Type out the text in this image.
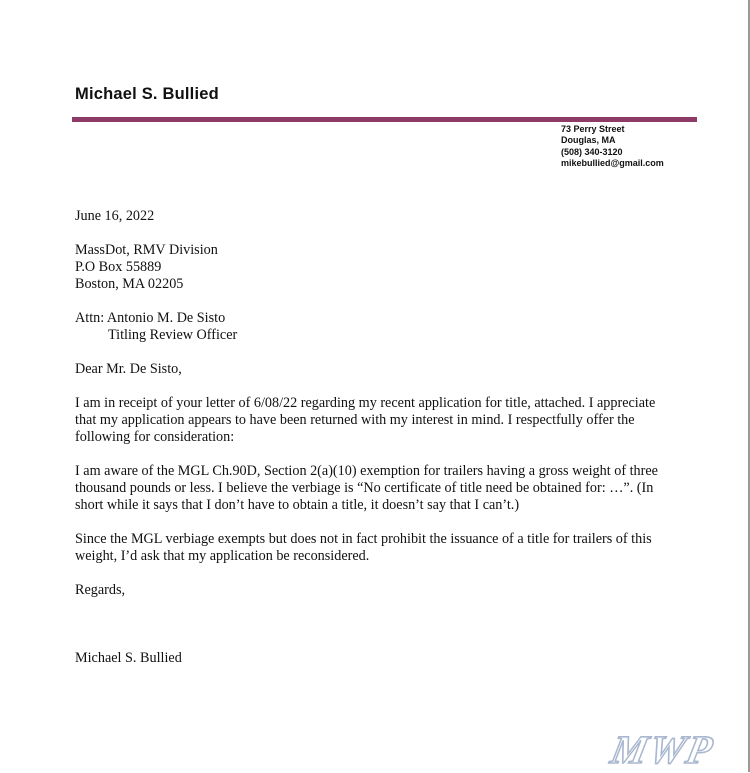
Michael S. Bullied
73 Perry Street
Douglas, MA
(508) 340-3120
mikebullied@gmail.com
June 16, 2022
MassDot, RMV Division
P.O Box 55889
Boston, MA 02205
Attn: Antonio M. De Sisto
Titling Review Officer
Dear Mr. De Sisto,
I am in receipt of your letter of 6/08/22 regarding my recent application for title, attached. I appreciate
that my application appears to have been returned with my interest in mind. I respectfully offer the
following for consideration:
I am aware of the MGL Ch.90D, Section 2(a)(10) exemption for trailers having a gross weight of three
thousand pounds or less. I believe the verbiage is “No certificate of title need be obtained for: …”. (In
short while it says that I don’t have to obtain a title, it doesn’t say that I can’t.)
Since the MGL verbiage exempts but does not in fact prohibit the issuance of a title for trailers of this
weight, I’d ask that my application be reconsidered.
Regards,
Michael S. Bullied
MWP
